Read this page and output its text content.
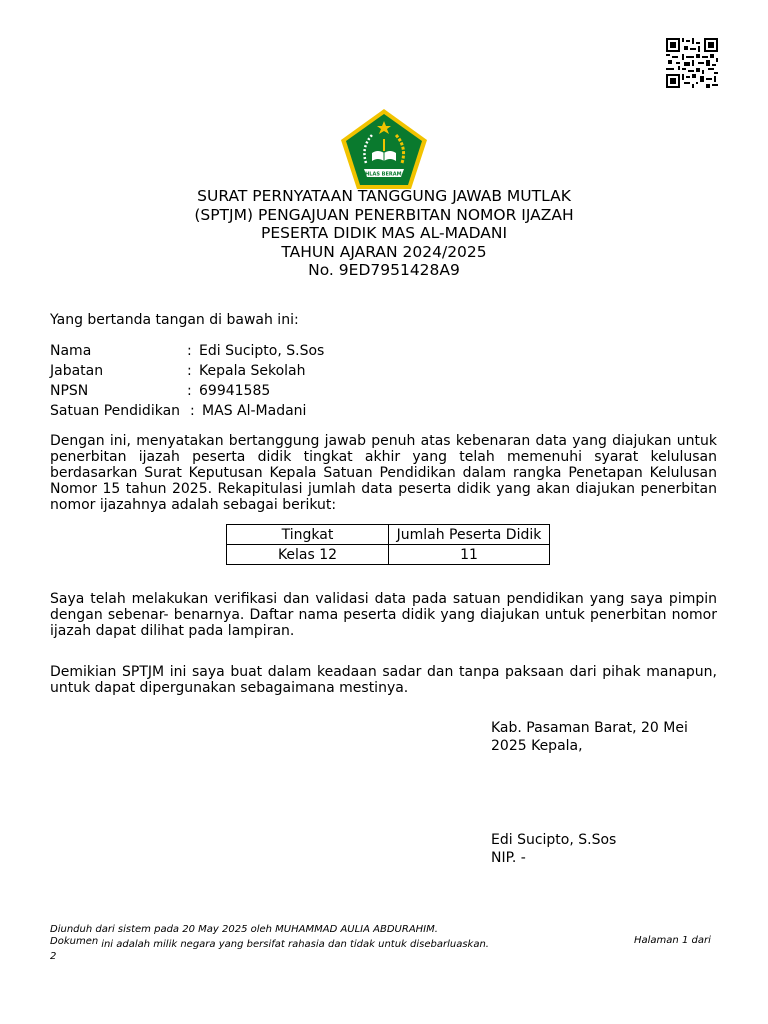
IKHLAS BERAMAL
SURAT PERNYATAAN TANGGUNG JAWAB MUTLAK
(SPTJM) PENGAJUAN PENERBITAN NOMOR IJAZAH
PESERTA DIDIK MAS AL-MADANI
TAHUN AJARAN 2024/2025
No. 9ED7951428A9
Yang bertanda tangan di bawah ini:
Nama	: Edi Sucipto, S.Sos
Jabatan	: Kepala Sekolah
NPSN	: 69941585
Satuan Pendidikan : MAS Al-Madani
Dengan ini, menyatakan bertanggung jawab penuh atas kebenaran data yang diajukan untuk penerbitan ijazah peserta didik tingkat akhir yang telah memenuhi syarat kelulusan berdasarkan Surat Keputusan Kepala Satuan Pendidikan dalam rangka Penetapan Kelulusan Nomor 15 tahun 2025. Rekapitulasi jumlah data peserta didik yang akan diajukan penerbitan nomor ijazahnya adalah sebagai berikut:
Tingkat	Jumlah Peserta Didik
Kelas 12	11
Saya telah melakukan verifikasi dan validasi data pada satuan pendidikan yang saya pimpin dengan sebenar- benarnya. Daftar nama peserta didik yang diajukan untuk penerbitan nomor ijazah dapat dilihat pada lampiran.
Demikian SPTJM ini saya buat dalam keadaan sadar dan tanpa paksaan dari pihak manapun, untuk dapat dipergunakan sebagaimana mestinya.
Kab. Pasaman Barat, 20 Mei 2025 Kepala,
Edi Sucipto, S.Sos
NIP. -
Diunduh dari sistem pada 20 May 2025 oleh MUHAMMAD AULIA ABDURAHIM.
Dokumen ini adalah milik negara yang bersifat rahasia dan tidak untuk disebarluaskan.
2
Halaman 1 dari
